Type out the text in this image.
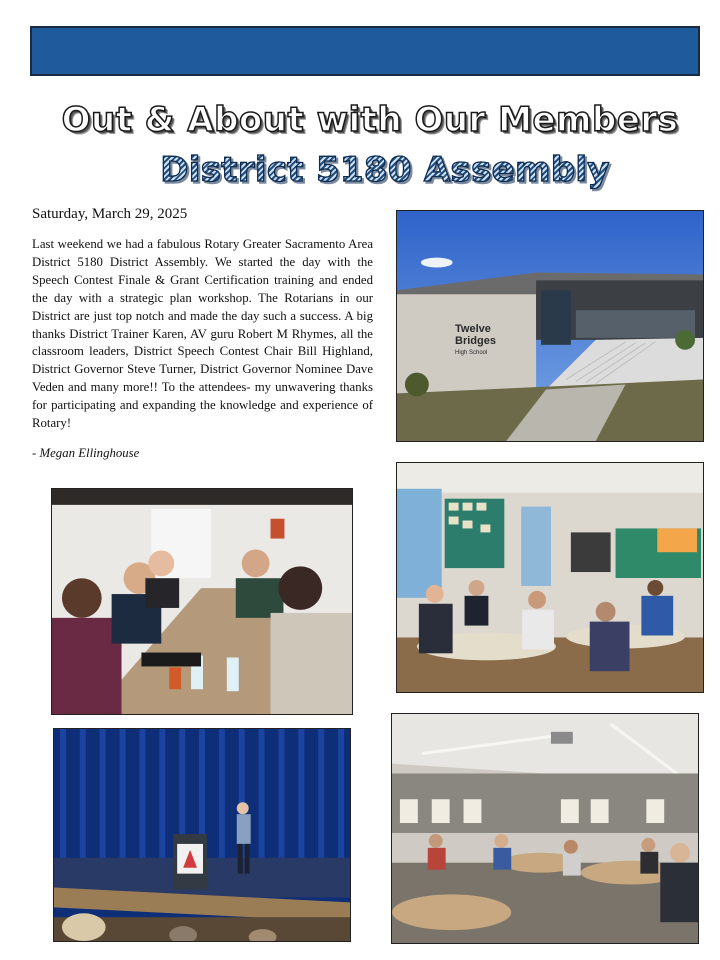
Out & About with Our Members
District 5180 Assembly
Saturday, March 29, 2025
Last weekend we had a fabulous Rotary Greater Sacramento Area District 5180 District Assembly. We started the day with the Speech Contest Finale & Grant Certification training and ended the day with a strategic plan workshop. The Rotarians in our District are just top notch and made the day such a success. A big thanks District Trainer Karen, AV guru Robert M Rhymes, all the classroom leaders, District Speech Contest Chair Bill Highland, District Governor Steve Turner, District Governor Nominee Dave Veden and many more!! To the attendees- my unwavering thanks for participating and expanding the knowledge and experience of Rotary!
- Megan Ellinghouse
Twelve
Bridges
High School
